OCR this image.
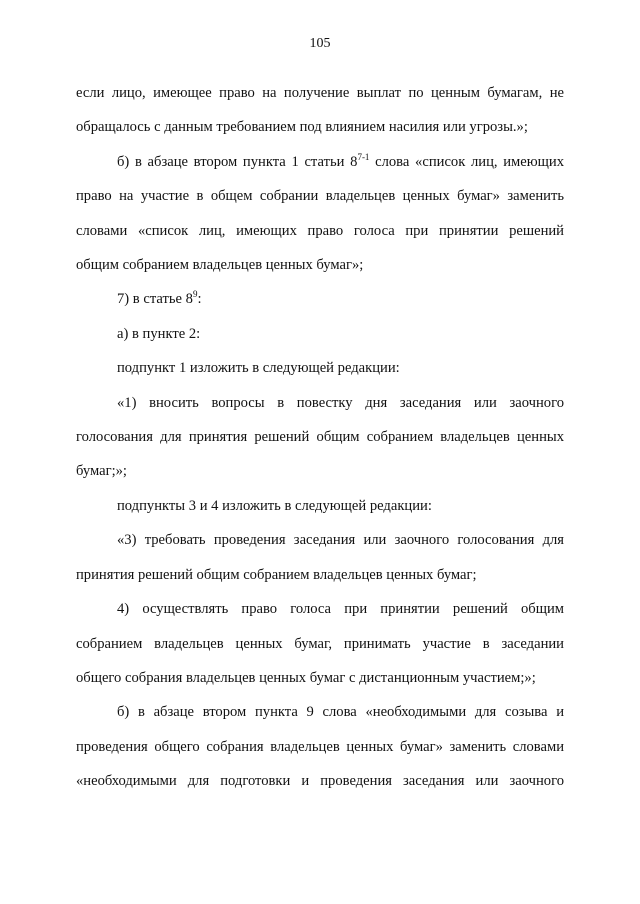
105
если лицо, имеющее право на получение выплат по ценным бумагам, не
обращалось с данным требованием под влиянием насилия или угрозы.»;
б) в абзаце втором пункта 1 статьи 8$^{7-1}$ слова «список лиц, имеющих
право на участие в общем собрании владельцев ценных бумаг» заменить
словами «список лиц, имеющих право голоса при принятии решений
общим собранием владельцев ценных бумаг»;
7) в статье $8^9$:
а) в пункте 2:
подпункт 1 изложить в следующей редакции:
«1) вносить вопросы в повестку дня заседания или заочного
голосования для принятия решений общим собранием владельцев ценных
бумаг;»;
подпункты 3 и 4 изложить в следующей редакции:
«3) требовать проведения заседания или заочного голосования для
принятия решений общим собранием владельцев ценных бумаг;
4) осуществлять право голоса при принятии решений общим
собранием владельцев ценных бумаг, принимать участие в заседании
общего собрания владельцев ценных бумаг с дистанционным участием;»;
б) в абзаце втором пункта 9 слова «необходимыми для созыва и
проведения общего собрания владельцев ценных бумаг» заменить словами
«необходимыми для подготовки и проведения заседания или заочного
